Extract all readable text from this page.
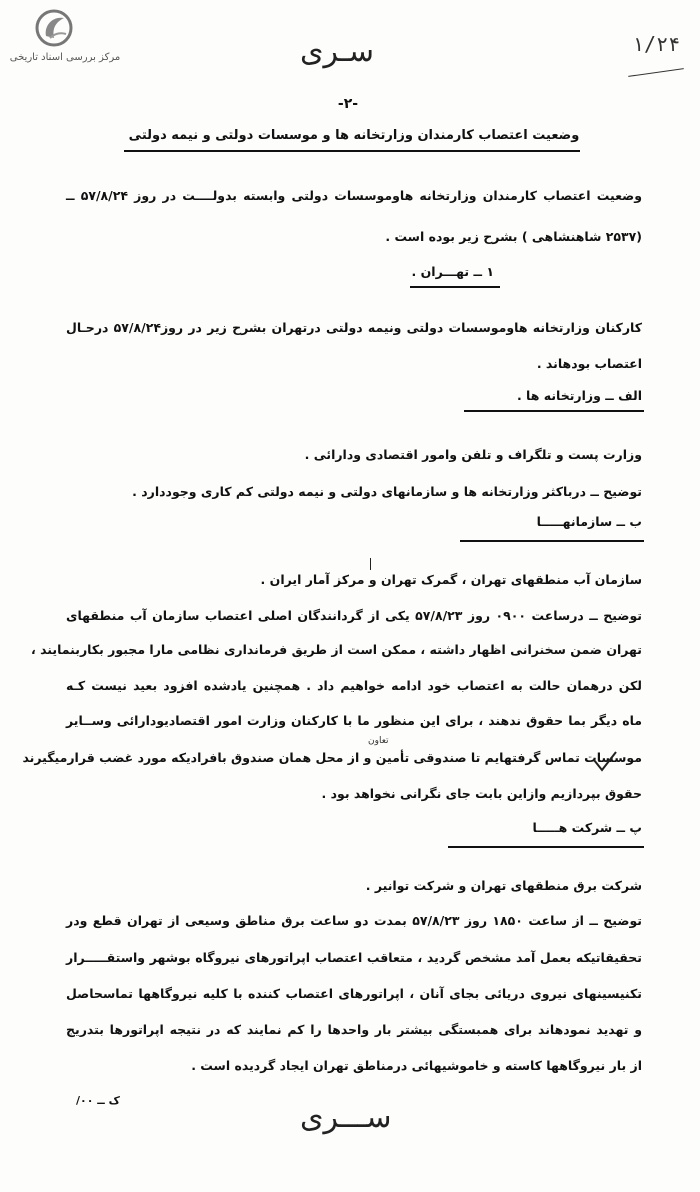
مرکز بررسی اسناد تاریخی	سـری	۱/۲۴
-۲-
وضعیت اعتصاب کارمندان وزارتخانه ها و موسسات دولتی و نیمه دولتی
وضعیت اعتصاب کارمندان وزارتخانه هاوموسسات دولتی وابسته بدولــــت در روز ۵۷/۸/۲۴ ــ
(۲۵۳۷ شاهنشاهی ) بشرح زیر بوده است .
۱ ــ تهـــران .
کارکنان وزارتخانه هاوموسسات دولتی ونیمه دولتی درتهران بشرح زیر در روز۵۷/۸/۲۴ درحـال
اعتصاب بودهاند .
الف ــ وزارتخانه ها .
وزارت پست و تلگراف و تلفن وامور اقتصادی ودارائی .
توضیح ــ درباکثر وزارتخانه ها و سازمانهای دولتی و نیمه دولتی کم کاری وجوددارد .
ب ــ سازمانهـــــا
سازمان آب منطقهای تهران ، گمرک تهران و مرکز آمار ایران .
توضیح ــ درساعت ۰۹۰۰ روز ۵۷/۸/۲۳ یکی از گردانندگان اصلی اعتصاب سازمان آب منطقهای
تهران ضمن سخنرانی اظهار داشته ، ممکن است از طریق فرمانداری نظامی مارا مجبور بکاربنمایند ،
لکن درهمان حالت به اعتصاب خود ادامه خواهیم داد . همچنین یادشده افزود بعید نیست کـه
ماه دیگر بما حقوق ندهند ، برای این منظور ما با کارکنان وزارت امور اقتصادیودارائی وســایر
تعاون
موسسات تماس گرفتهایم تا صندوقی تأمین و از محل همان صندوق بافرادیکه مورد غضب قرارمیگیرند
حقوق بپردازیم وازاین بابت جای نگرانی نخواهد بود .
پ ــ شرکت هـــــا
شرکت برق منطقهای تهران و شرکت توانیر .
توضیح ــ از ساعت ۱۸۵۰ روز ۵۷/۸/۲۳ بمدت دو ساعت برق مناطق وسیعی از تهران قطع ودر
تحقیقاتیکه بعمل آمد مشخص گردید ، متعاقب اعتصاب اپراتورهای نیروگاه بوشهر واستقـــــرار
تکنیسینهای نیروی دریائی بجای آنان ، اپراتورهای اعتصاب کننده با کلیه نیروگاهها تماسحاصل
و تهدید نمودهاند برای همبستگی بیشتر بار واحدها را کم نمایند که در نتیجه اپراتورها بتدریج
از بار نیروگاهها کاسته و خاموشیهائی درمناطق تهران ایجاد گردیده است .
ک ــ ۰۰/	ســـری
